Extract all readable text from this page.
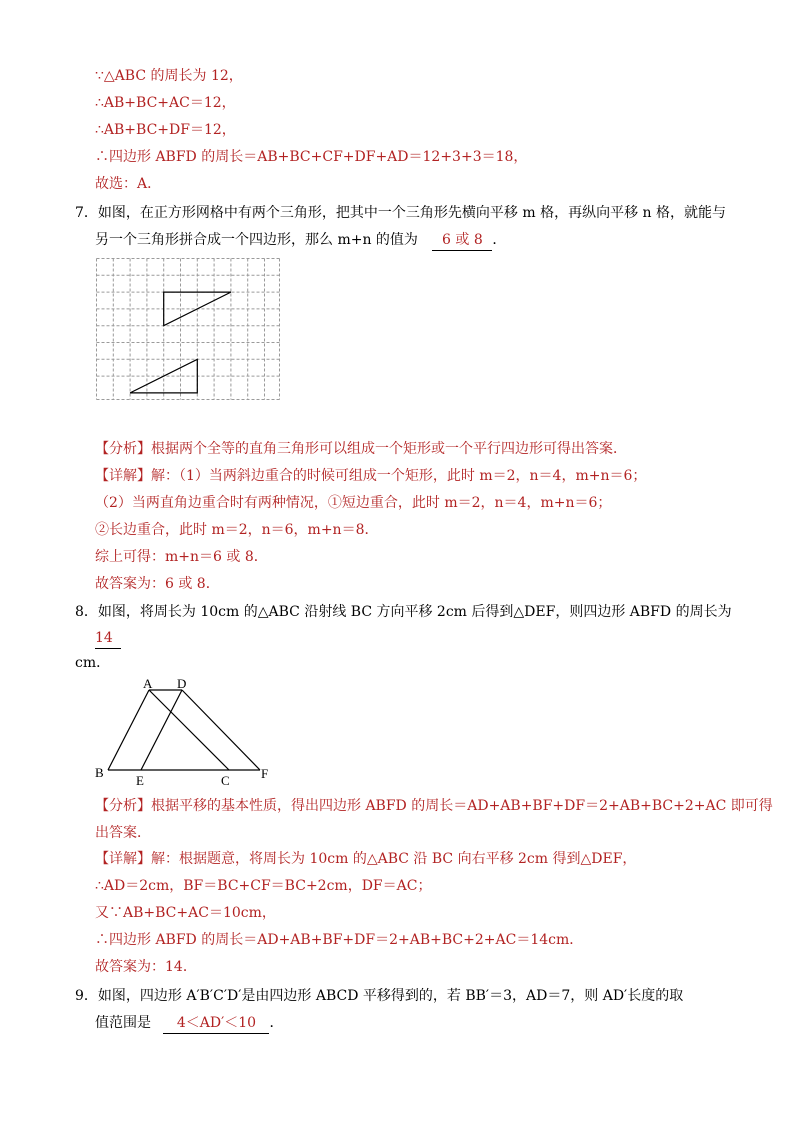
∵△ABC 的周长为 12，
∴AB+BC+AC＝12，
∴AB+BC+DF＝12，
∴四边形 ABFD 的周长＝AB+BC+CF+DF+AD＝12+3+3＝18，
故选：A．
7．如图，在正方形网格中有两个三角形，把其中一个三角形先横向平移 m 格，再纵向平移 n 格，就能与
另一个三角形拼合成一个四边形，那么 m+n 的值为 6 或 8 ．
【分析】根据两个全等的直角三角形可以组成一个矩形或一个平行四边形可得出答案．
【详解】解：（1）当两斜边重合的时候可组成一个矩形，此时 m＝2，n＝4，m+n＝6；
（2）当两直角边重合时有两种情况，①短边重合，此时 m＝2，n＝4，m+n＝6；
②长边重合，此时 m＝2，n＝6，m+n＝8．
综上可得：m+n＝6 或 8．
故答案为：6 或 8．
8．如图，将周长为 10cm 的△ABC 沿射线 BC 方向平移 2cm 后得到△DEF，则四边形 ABFD 的周长为
14
cm．
A D
B
E	C F
【分析】根据平移的基本性质，得出四边形 ABFD 的周长＝AD+AB+BF+DF＝2+AB+BC+2+AC 即可得
出答案．
【详解】解：根据题意，将周长为 10cm 的△ABC 沿 BC 向右平移 2cm 得到△DEF，
∴AD＝2cm，BF＝BC+CF＝BC+2cm，DF＝AC；
又∵AB+BC+AC＝10cm，
∴四边形 ABFD 的周长＝AD+AB+BF+DF＝2+AB+BC+2+AC＝14cm．
故答案为：14．
9．如图，四边形 A′B′C′D′是由四边形 ABCD 平移得到的，若 BB′＝3，AD＝7，则 AD′长度的取
值范围是 4＜AD′＜10 ．
